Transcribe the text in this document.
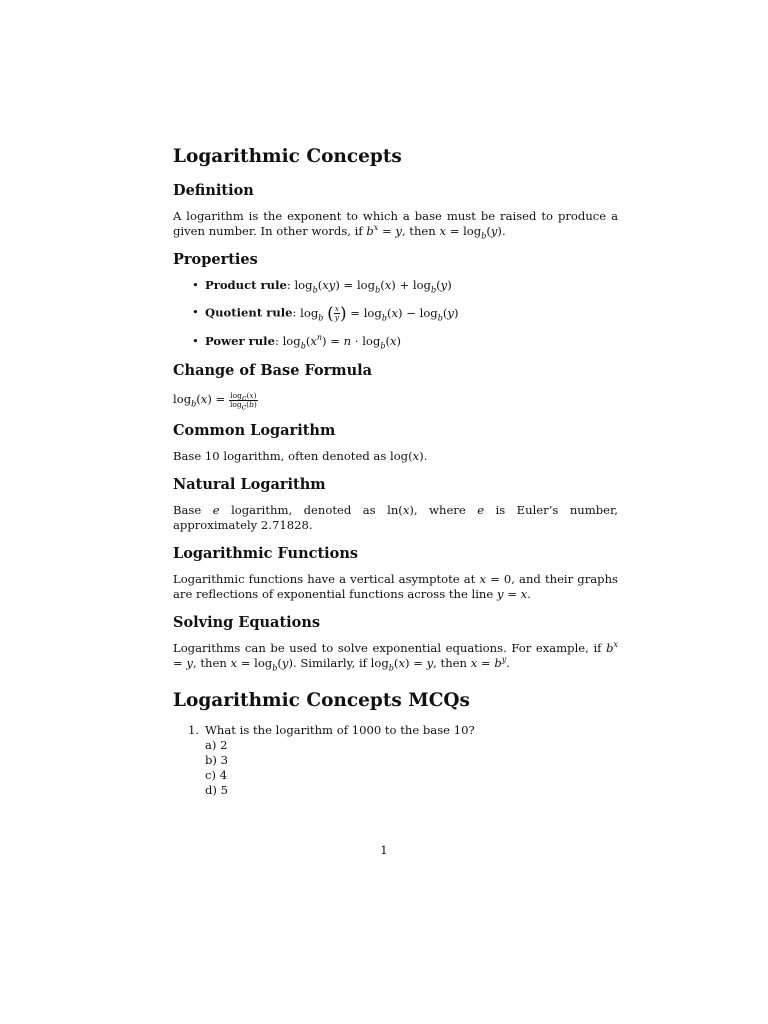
Logarithmic Concepts
Definition

A logarithm is the exponent to which a base must be raised to produce a given number. In other words, if $b^x = y$, then $x = \log_b(y)$.

Properties
• Product rule: $\log_b(xy) = \log_b(x) + \log_b(y)$
• Quotient rule: $\log_b$ ( $\frac{x}{y}$ ) = $\log_b(x) - \log_b(y)$
• Power rule: $\log_b(x^n) = n \cdot \log_b(x)$
Change of Base Formula
$\log_b(x) = \frac{\log_c(x)}{\log_c(b)}$
Common Logarithm

Base 10 logarithm, often denoted as log(x).

Natural Logarithm

Base e logarithm, denoted as ln(x), where e is Euler’s number, approximately 2.71828.

Logarithmic Functions

Logarithmic functions have a vertical asymptote at x = 0, and their graphs are reflections of exponential functions across the line y = x.

Solving Equations

Logarithms can be used to solve exponential equations. For example, if $b^x = y$, then $x = \log_b(y)$. Similarly, if $\log_b(x) = y$, then $x = b^y$.

Logarithmic Concepts MCQs
1. What is the logarithm of 1000 to the base 10?
a) 2
b) 3
c) 4
d) 5
1
